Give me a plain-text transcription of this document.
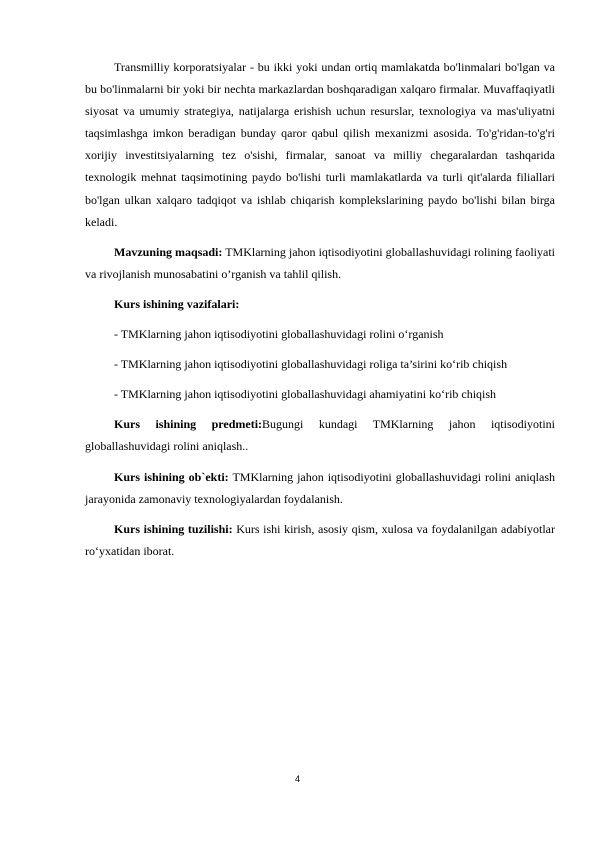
Transmilliy korporatsiyalar - bu ikki yoki undan ortiq mamlakatda bo'linmalari bo'lgan va bu bo'linmalarni bir yoki bir nechta markazlardan boshqaradigan xalqaro firmalar. Muvaffaqiyatli siyosat va umumiy strategiya, natijalarga erishish uchun resurslar, texnologiya va mas'uliyatni taqsimlashga imkon beradigan bunday qaror qabul qilish mexanizmi asosida. To'g'ridan-to'g'ri xorijiy investitsiyalarning tez o'sishi, firmalar, sanoat va milliy chegaralardan tashqarida texnologik mehnat taqsimotining paydo bo'lishi turli mamlakatlarda va turli qit'alarda filiallari bo'lgan ulkan xalqaro tadqiqot va ishlab chiqarish komplekslarining paydo bo'lishi bilan birga keladi.

Mavzuning maqsadi: TMKlarning jahon iqtisodiyotini globallashuvidagi rolining faoliyati va rivojlanish munosabatini o’rganish va tahlil qilish.

Kurs ishining vazifalari:

- TMKlarning jahon iqtisodiyotini globallashuvidagi rolini o‘rganish

- TMKlarning jahon iqtisodiyotini globallashuvidagi roliga ta’sirini ko‘rib chiqish

- TMKlarning jahon iqtisodiyotini globallashuvidagi ahamiyatini ko‘rib chiqish

Kurs ishining predmeti:Bugungi kundagi TMKlarning jahon iqtisodiyotini globallashuvidagi rolini aniqlash..

Kurs ishining ob`ekti: TMKlarning jahon iqtisodiyotini globallashuvidagi rolini aniqlash jarayonida zamonaviy texnologiyalardan foydalanish.

Kurs ishining tuzilishi: Kurs ishi kirish, asosiy qism, xulosa va foydalanilgan adabiyotlar ro‘yxatidan iborat.

4
